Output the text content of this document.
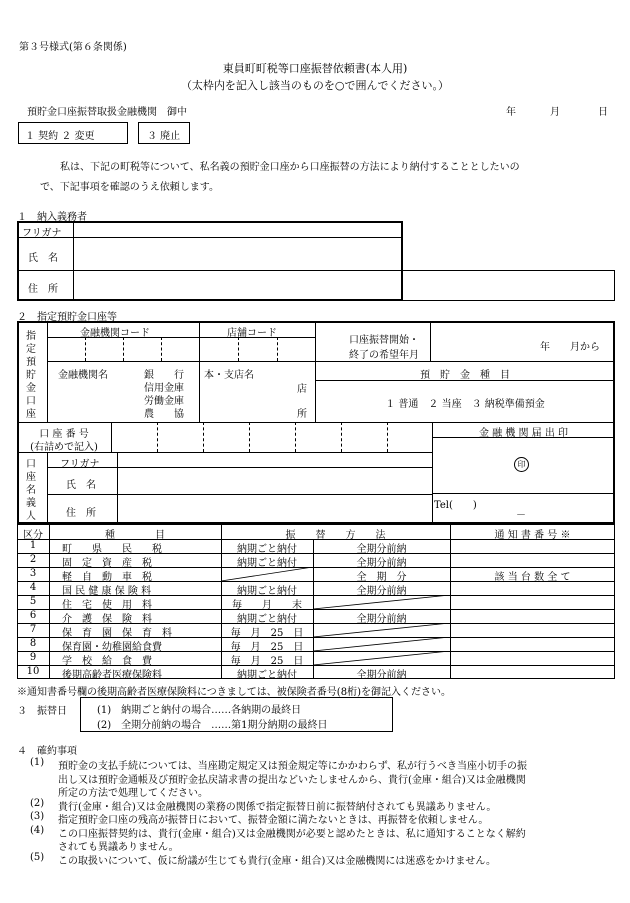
第３号様式(第６条関係)
東員町町税等口座振替依頼書(本人用)
（太枠内を記入し該当のものを○で囲んでください。）
預貯金口座振替取扱金融機関　御中	年	月	日
１ 契約 ２ 変更	３ 廃止
私は、下記の町税等について、私名義の預貯金口座から口座振替の方法により納付することとしたいの
で、下記事項を確認のうえ依頼します。
１　納入義務者
フリガナ
氏　名
住　所
２　指定預貯金口座等
指定預貯金口座
金融機関コード	店舗コード
口座振替開始・
終了の希望年月
年　　月から
金融機関名	銀　　行
信用金庫
労働金庫
農　　協
本・支店名
店
所
預　貯　金　種　目
１ 普通　２ 当座　３ 納税準備預金
口 座 番 号
(右詰めで記入)
金 融 機 関 届 出 印
印
Tel(　　)
－
口座名義人
フリガナ
氏　名
住　所
区分	種　　　　目	振　　替　　方　　法	通 知 書 番 号 ※
1	町　　県　　民　　税	納期ごと納付	全期分前納
2	固　定　資　産　税	納期ごと納付	全期分前納
3	軽　自　動　車　税	全　期　分	該 当 台 数 全 て
4	国 民 健 康 保 険 料	納期ごと納付	全期分前納
5	住　宅　使　用　料	毎　　月　　末
6	介　護　保　険　料	納期ごと納付	全期分前納
7	保　育　園　保　育　料	毎　月　25　日
8	保育園・幼稚園給食費	毎　月　25　日
9	学　校　給　食　費	毎　月　25　日
10	後期高齢者医療保険料	納期ごと納付	全期分前納
※通知書番号欄の後期高齢者医療保険料につきましては、被保険者番号(8桁)を御記入ください。
３　振替日	(1)　納期ごと納付の場合……各納期の最終日
(2)　全期分前納の場合　……第1期分納期の最終日
４　確約事項
(1) 預貯金の支払手続については、当座勘定規定又は預金規定等にかかわらず、私が行うべき当座小切手の振
出し又は預貯金通帳及び預貯金払戻請求書の提出などいたしませんから、貴行(金庫・組合)又は金融機関
所定の方法で処理してください。
(2) 貴行(金庫・組合)又は金融機関の業務の関係で指定振替日前に振替納付されても異議ありません。
(3) 指定預貯金口座の残高が振替日において、振替金額に満たないときは、再振替を依頼しません。
(4) この口座振替契約は、貴行(金庫・組合)又は金融機関が必要と認めたときは、私に通知することなく解約
されても異議ありません。
(5) この取扱いについて、仮に紛議が生じても貴行(金庫・組合)又は金融機関には迷惑をかけません。
